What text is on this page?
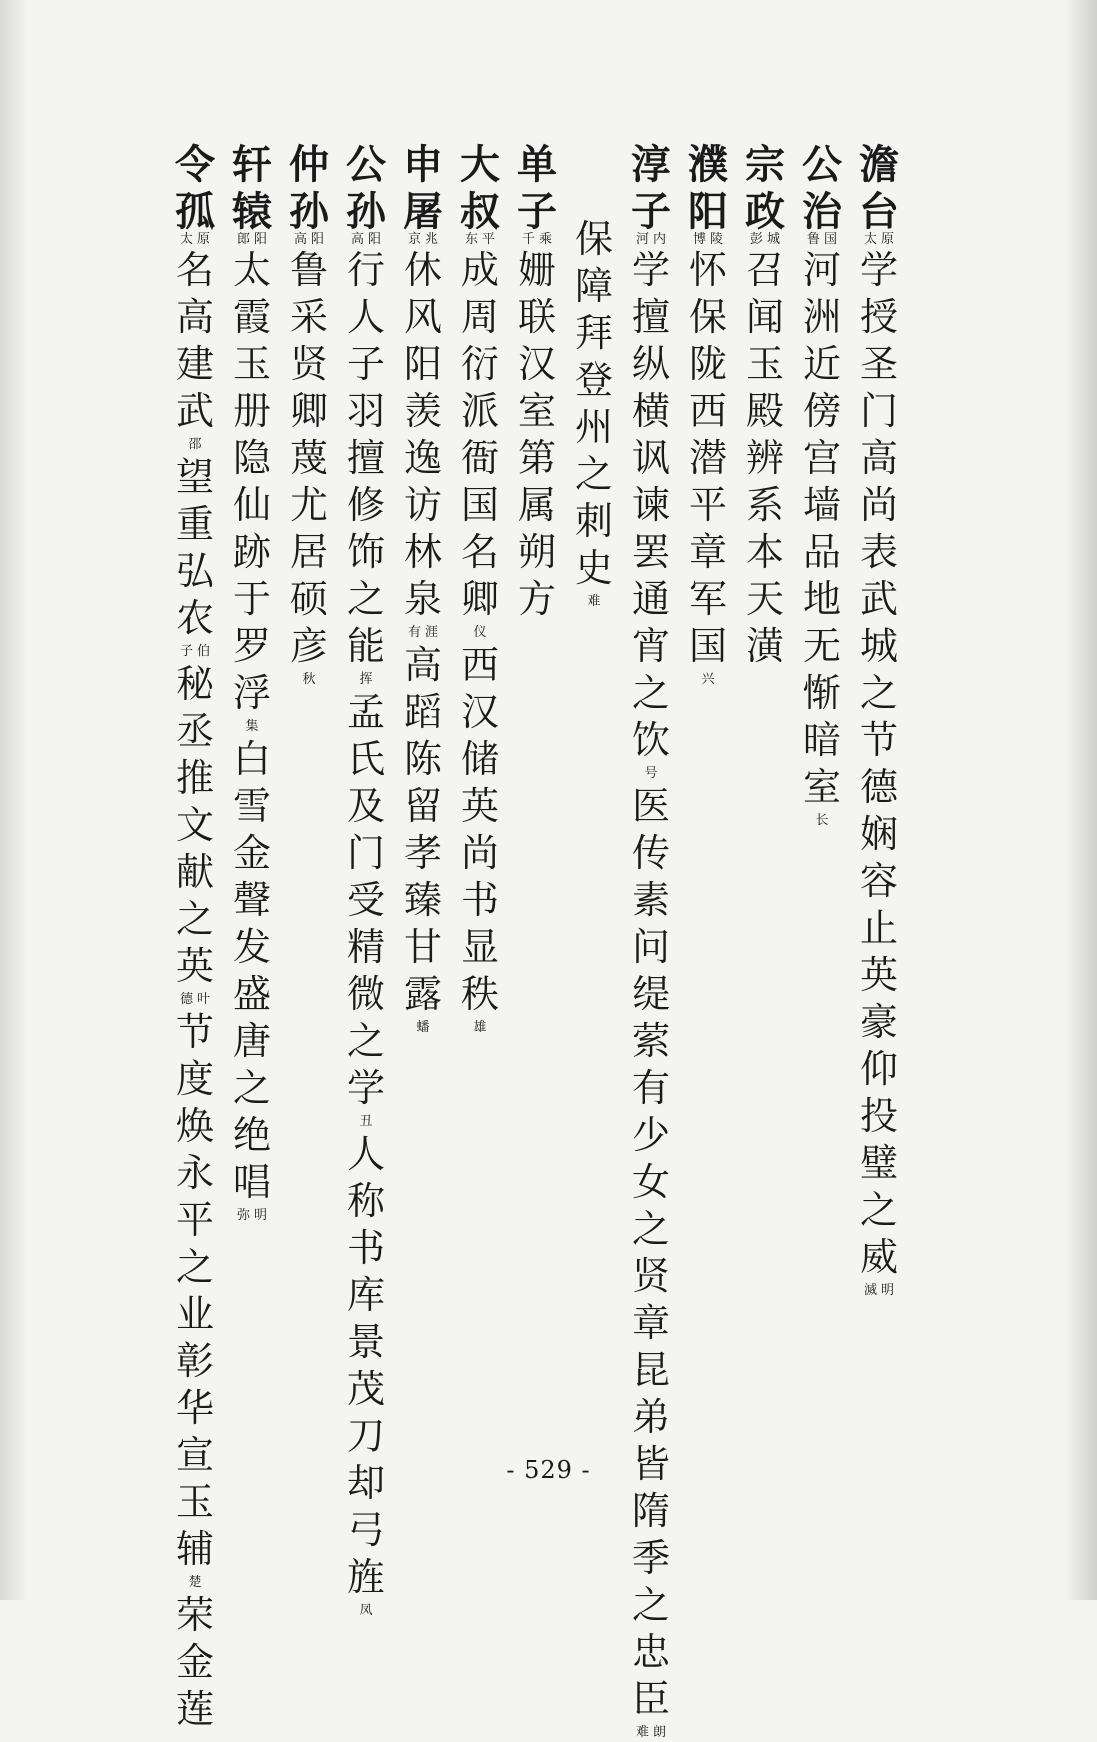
澹
台
原
太
学
授
圣
门
高
尚
表
武
城
之
节
德
娴
容
止
英
豪
仰
投
璧
之
威
明
滅
公
治
国
鲁
河
洲
近
傍
宫
墙
品
地
无
惭
暗
室
长
宗
政
城
彭
召
闻
玉
殿
辨
系
本
天
潢
濮
阳
陵
博
怀
保
陇
西
潜
平
章
军
国
兴
淳
子
内
河
学
擅
纵
横
讽
谏
罢
通
宵
之
饮
号
医
传
素
问
缇
萦
有
少
女
之
贤
章
昆
弟
皆
隋
季
之
忠
臣
朗
难
保
障
拜
登
州
之
刺
史
难
单
子
乘
千
姗
联
汉
室
第
属
朔
方
大
叔
平
东
成
周
衍
派
衙
国
名
卿
仪
西
汉
储
英
尚
书
显
秩
雄
申
屠
兆
京
休
风
阳
羡
逸
访
林
泉
涯
有
高
蹈
陈
留
孝
臻
甘
露
蟠
公
孙
阳
高
行
人
子
羽
擅
修
饰
之
能
挥
孟
氏
及
门
受
精
微
之
学
丑
人
称
书
库
景
茂
刀
却
弓
旌
凤
仲
孙
阳
高
鲁
采
贤
卿
蔑
尤
居
硕
彦
秋
轩
辕
阳
郎
太
霞
玉
册
隐
仙
跡
于
罗
浮
集
白
雪
金
聲
发
盛
唐
之
绝
唱
明
弥
令
孤
原
太
名
高
建
武
邵
望
重
弘
农
伯
子
秘
丞
推
文
献
之
英
叶
德
节
度
焕
永
平
之
业
彰
华
宣
玉
辅
楚
荣
金
莲
- 529 -
